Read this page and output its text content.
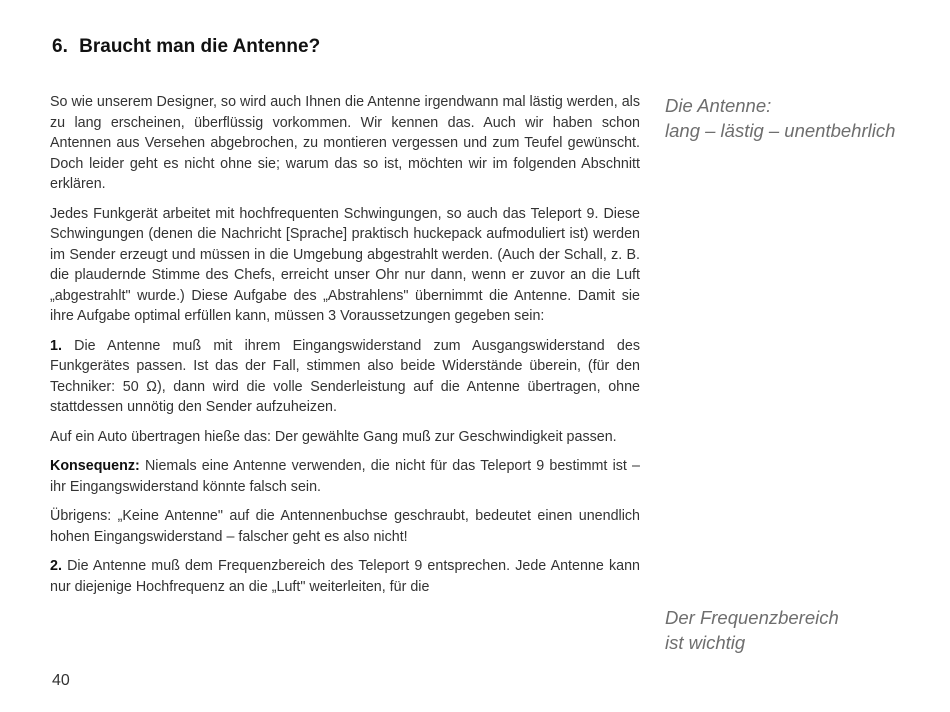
6. Braucht man die Antenne?

So wie unserem Designer, so wird auch Ihnen die Antenne irgendwann mal lästig werden, als zu lang erscheinen, überflüssig vorkommen. Wir kennen das. Auch wir haben schon Antennen aus Versehen abgebrochen, zu montieren vergessen und zum Teufel gewünscht. Doch leider geht es nicht ohne sie; warum das so ist, möchten wir im folgenden Abschnitt erklären.

Jedes Funkgerät arbeitet mit hochfrequenten Schwingungen, so auch das Teleport 9. Diese Schwingungen (denen die Nachricht [Sprache] praktisch huckepack aufmoduliert ist) werden im Sender erzeugt und müssen in die Umgebung abgestrahlt werden. (Auch der Schall, z. B. die plaudernde Stimme des Chefs, erreicht unser Ohr nur dann, wenn er zuvor an die Luft „abgestrahlt" wurde.) Diese Aufgabe des „Abstrahlens" übernimmt die Antenne. Damit sie ihre Aufgabe optimal erfüllen kann, müssen 3 Voraussetzungen gegeben sein:

1. Die Antenne muß mit ihrem Eingangswiderstand zum Ausgangswiderstand des Funkgerätes passen. Ist das der Fall, stimmen also beide Widerstände überein, (für den Techniker: 50 Ω), dann wird die volle Senderleistung auf die Antenne übertragen, ohne stattdessen unnötig den Sender aufzuheizen.

Auf ein Auto übertragen hieße das: Der gewählte Gang muß zur Geschwindigkeit passen.

Konsequenz: Niemals eine Antenne verwenden, die nicht für das Teleport 9 bestimmt ist – ihr Eingangswiderstand könnte falsch sein.

Übrigens: „Keine Antenne" auf die Antennenbuchse geschraubt, bedeutet einen unendlich hohen Eingangswiderstand – falscher geht es also nicht!

2. Die Antenne muß dem Frequenzbereich des Teleport 9 entsprechen. Jede Antenne kann nur diejenige Hochfrequenz an die „Luft" weiterleiten, für die

Die Antenne:
lang – lästig – unentbehrlich
Der Frequenzbereich
ist wichtig
40
